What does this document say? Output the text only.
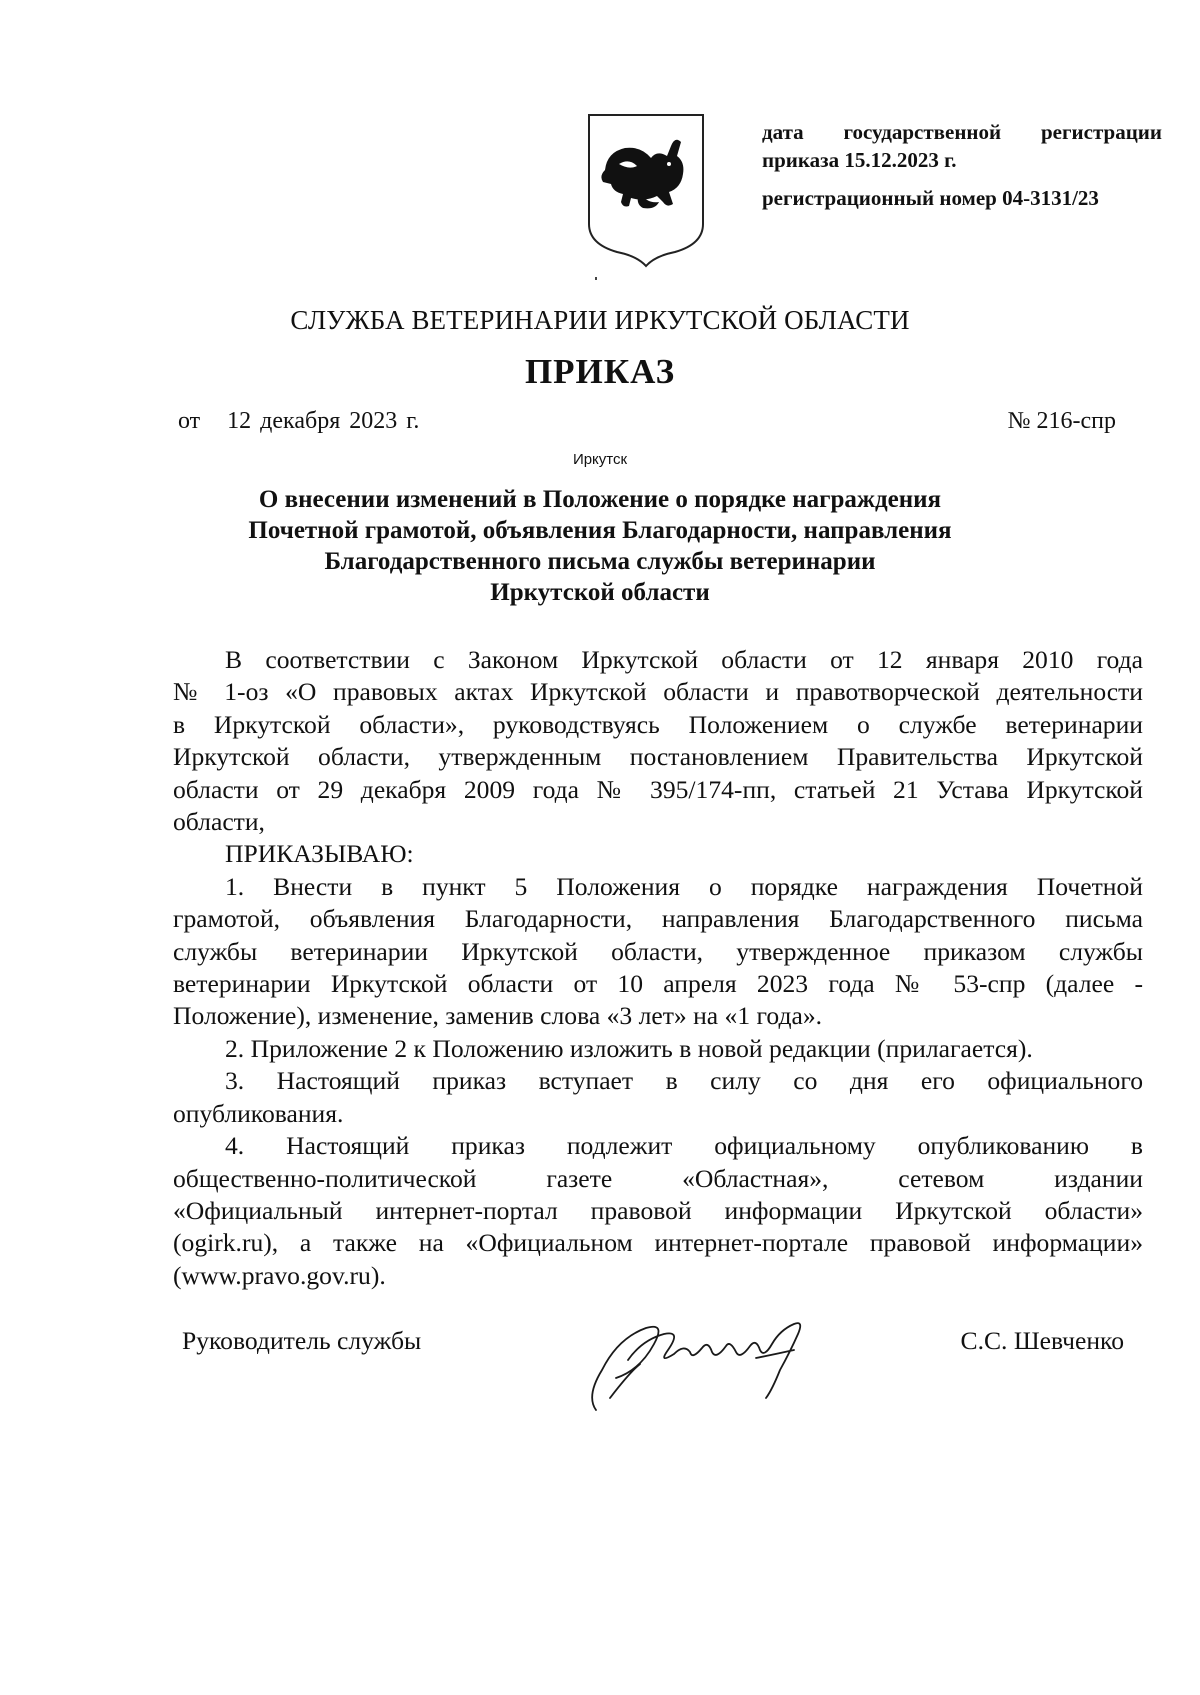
дата государственной регистрации
приказа 15.12.2023 г.
регистрационный номер 04-3131/23
СЛУЖБА ВЕТЕРИНАРИИ ИРКУТСКОЙ ОБЛАСТИ
ПРИКАЗ
от 12 декабря 2023 г.	№ 216-спр
Иркутск
О внесении изменений в Положение о порядке награждения
Почетной грамотой, объявления Благодарности, направления
Благодарственного письма службы ветеринарии
Иркутской области

В соответствии с Законом Иркутской области от 12 января 2010 года

№ 1-оз «О правовых актах Иркутской области и правотворческой деятельности

в Иркутской области», руководствуясь Положением о службе ветеринарии

Иркутской области, утвержденным постановлением Правительства Иркутской

области от 29 декабря 2009 года № 395/174-пп, статьей 21 Устава Иркутской

области,

ПРИКАЗЫВАЮ:

1. Внести в пункт 5 Положения о порядке награждения Почетной

грамотой, объявления Благодарности, направления Благодарственного письма

службы ветеринарии Иркутской области, утвержденное приказом службы

ветеринарии Иркутской области от 10 апреля 2023 года № 53-спр (далее -

Положение), изменение, заменив слова «3 лет» на «1 года».

2. Приложение 2 к Положению изложить в новой редакции (прилагается).

3. Настоящий приказ вступает в силу со дня его официального

опубликования.

4. Настоящий приказ подлежит официальному опубликованию в

общественно-политической газете «Областная», сетевом издании

«Официальный интернет-портал правовой информации Иркутской области»

(ogirk.ru), а также на «Официальном интернет-портале правовой информации»

(www.pravo.gov.ru).

Руководитель службы	С.С. Шевченко
